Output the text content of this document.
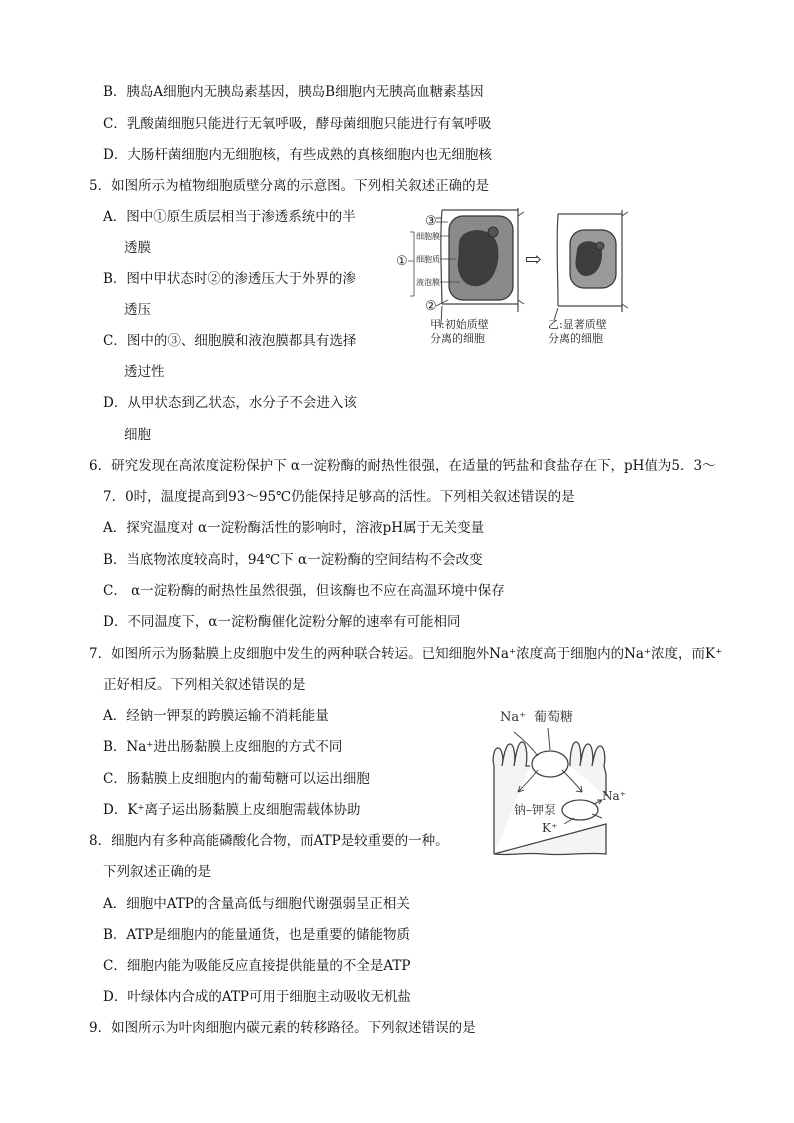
B．胰岛A细胞内无胰岛素基因，胰岛B细胞内无胰高血糖素基因
C．乳酸菌细胞只能进行无氧呼吸，酵母菌细胞只能进行有氧呼吸
D．大肠杆菌细胞内无细胞核，有些成熟的真核细胞内也无细胞核
5．如图所示为植物细胞质壁分离的示意图。下列相关叙述正确的是
A．图中①原生质层相当于渗透系统中的半
透膜
B．图中甲状态时②的渗透压大于外界的渗
透压
C．图中的③、细胞膜和液泡膜都具有选择
透过性
D．从甲状态到乙状态，水分子不会进入该
细胞
③
①
细胞膜
细胞质
液泡膜
②
⇨
甲:初始质壁
分离的细胞
乙:显著质壁
分离的细胞
6．研究发现在高浓度淀粉保护下 α一淀粉酶的耐热性很强，在适量的钙盐和食盐存在下，pH值为5．3～
7．0时，温度提高到93～95℃仍能保持足够高的活性。下列相关叙述错误的是
A．探究温度对 α一淀粉酶活性的影响时，溶液pH属于无关变量
B．当底物浓度较高时，94℃下 α一淀粉酶的空间结构不会改变
C． α一淀粉酶的耐热性虽然很强，但该酶也不应在高温环境中保存
D．不同温度下，α一淀粉酶催化淀粉分解的速率有可能相同
7．如图所示为肠黏膜上皮细胞中发生的两种联合转运。已知细胞外Na⁺浓度高于细胞内的Na⁺浓度，而K⁺
正好相反。下列相关叙述错误的是
A．经钠一钾泵的跨膜运输不消耗能量
B．Na⁺进出肠黏膜上皮细胞的方式不同
C．肠黏膜上皮细胞内的葡萄糖可以运出细胞
D．K⁺离子运出肠黏膜上皮细胞需载体协助
Na⁺ 葡萄糖
钠–钾泵
Na⁺
K⁺
8．细胞内有多种高能磷酸化合物，而ATP是较重要的一种。
下列叙述正确的是
A．细胞中ATP的含量高低与细胞代谢强弱呈正相关
B．ATP是细胞内的能量通货，也是重要的储能物质
C．细胞内能为吸能反应直接提供能量的不全是ATP
D．叶绿体内合成的ATP可用于细胞主动吸收无机盐
9．如图所示为叶肉细胞内碳元素的转移路径。下列叙述错误的是
